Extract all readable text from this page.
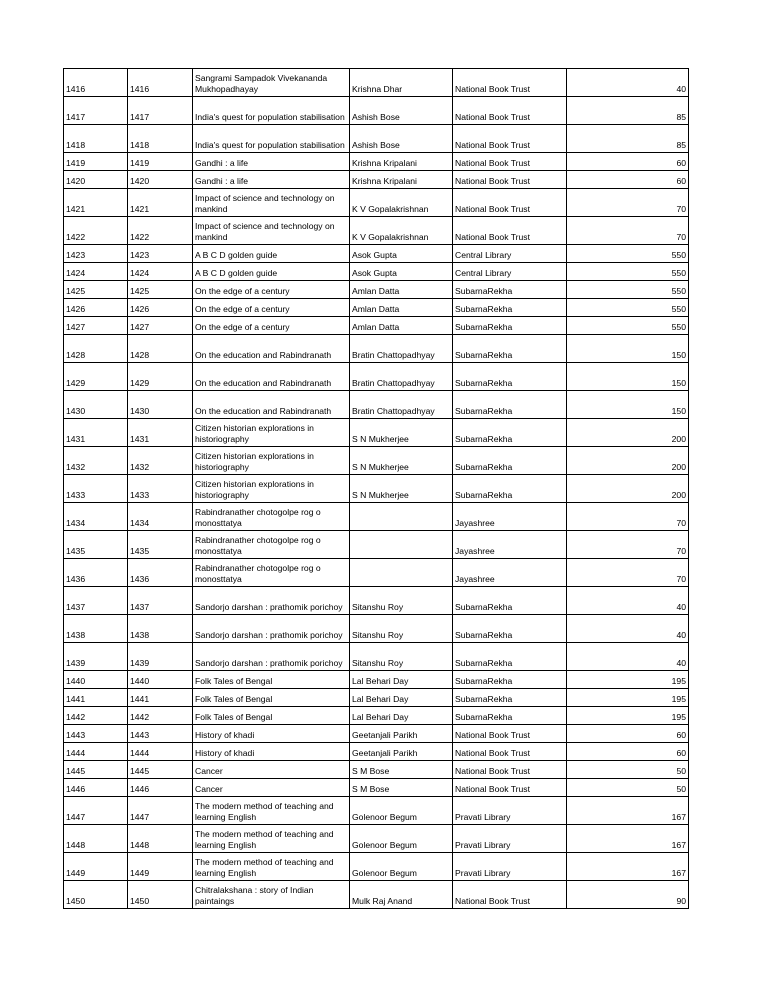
1416	1416	Sangrami Sampadok Vivekananda Mukhopadhayay	Krishna Dhar	National Book Trust	40
1417	1417	India's quest for population stabilisation	Ashish Bose	National Book Trust	85
1418	1418	India's quest for population stabilisation	Ashish Bose	National Book Trust	85
1419	1419	Gandhi : a life	Krishna Kripalani	National Book Trust	60
1420	1420	Gandhi : a life	Krishna Kripalani	National Book Trust	60
1421	1421	Impact of science and technology on mankind	K V Gopalakrishnan	National Book Trust	70
1422	1422	Impact of science and technology on mankind	K V Gopalakrishnan	National Book Trust	70
1423	1423	A B C D golden guide	Asok Gupta	Central Library	550
1424	1424	A B C D golden guide	Asok Gupta	Central Library	550
1425	1425	On the edge of a century	Amlan Datta	SubarnaRekha	550
1426	1426	On the edge of a century	Amlan Datta	SubarnaRekha	550
1427	1427	On the edge of a century	Amlan Datta	SubarnaRekha	550
1428	1428	On the education and Rabindranath	Bratin Chattopadhyay	SubarnaRekha	150
1429	1429	On the education and Rabindranath	Bratin Chattopadhyay	SubarnaRekha	150
1430	1430	On the education and Rabindranath	Bratin Chattopadhyay	SubarnaRekha	150
1431	1431	Citizen historian explorations in historiography	S N Mukherjee	SubarnaRekha	200
1432	1432	Citizen historian explorations in historiography	S N Mukherjee	SubarnaRekha	200
1433	1433	Citizen historian explorations in historiography	S N Mukherjee	SubarnaRekha	200
1434	1434	Rabindranather chotogolpe rog o monosttatya		Jayashree	70
1435	1435	Rabindranather chotogolpe rog o monosttatya		Jayashree	70
1436	1436	Rabindranather chotogolpe rog o monosttatya		Jayashree	70
1437	1437	Sandorjo darshan : prathomik porichoy	Sitanshu Roy	SubarnaRekha	40
1438	1438	Sandorjo darshan : prathomik porichoy	Sitanshu Roy	SubarnaRekha	40
1439	1439	Sandorjo darshan : prathomik porichoy	Sitanshu Roy	SubarnaRekha	40
1440	1440	Folk Tales of Bengal	Lal Behari Day	SubarnaRekha	195
1441	1441	Folk Tales of Bengal	Lal Behari Day	SubarnaRekha	195
1442	1442	Folk Tales of Bengal	Lal Behari Day	SubarnaRekha	195
1443	1443	History of khadi	Geetanjali Parikh	National Book Trust	60
1444	1444	History of khadi	Geetanjali Parikh	National Book Trust	60
1445	1445	Cancer	S M Bose	National Book Trust	50
1446	1446	Cancer	S M Bose	National Book Trust	50
1447	1447	The modern method of teaching and learning English	Golenoor Begum	Pravati Library	167
1448	1448	The modern method of teaching and learning English	Golenoor Begum	Pravati Library	167
1449	1449	The modern method of teaching and learning English	Golenoor Begum	Pravati Library	167
1450	1450	Chitralakshana : story of Indian paintaings	Mulk Raj Anand	National Book Trust	90
